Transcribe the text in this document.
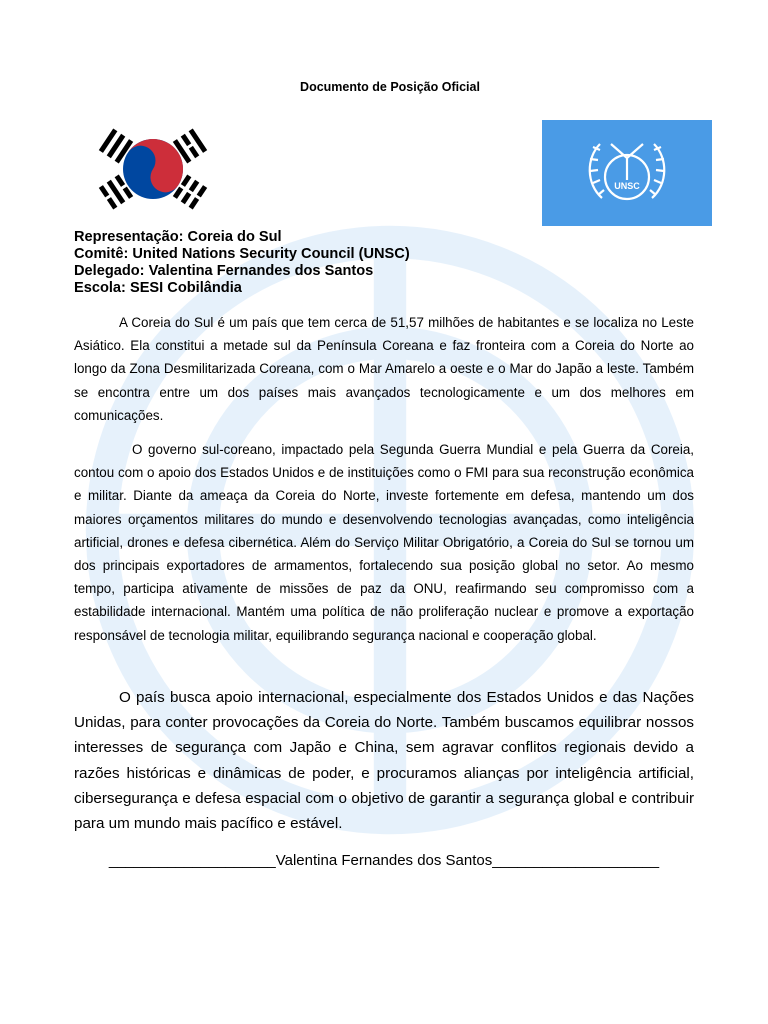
Documento de Posição Oficial
UNSC
Representação: Coreia do Sul
Comitê: United Nations Security Council (UNSC)
Delegado: Valentina Fernandes dos Santos
Escola: SESI Cobilândia

A Coreia do Sul é um país que tem cerca de 51,57 milhões de habitantes e se localiza no Leste Asiático. Ela constitui a metade sul da Península Coreana e faz fronteira com a Coreia do Norte ao longo da Zona Desmilitarizada Coreana, com o Mar Amarelo a oeste e o Mar do Japão a leste. Também se encontra entre um dos países mais avançados tecnologicamente e um dos melhores em comunicações.

O governo sul-coreano, impactado pela Segunda Guerra Mundial e pela Guerra da Coreia, contou com o apoio dos Estados Unidos e de instituições como o FMI para sua reconstrução econômica e militar. Diante da ameaça da Coreia do Norte, investe fortemente em defesa, mantendo um dos maiores orçamentos militares do mundo e desenvolvendo tecnologias avançadas, como inteligência artificial, drones e defesa cibernética. Além do Serviço Militar Obrigatório, a Coreia do Sul se tornou um dos principais exportadores de armamentos, fortalecendo sua posição global no setor. Ao mesmo tempo, participa ativamente de missões de paz da ONU, reafirmando seu compromisso com a estabilidade internacional. Mantém uma política de não proliferação nuclear e promove a exportação responsável de tecnologia militar, equilibrando segurança nacional e cooperação global.

O país busca apoio internacional, especialmente dos Estados Unidos e das Nações Unidas, para conter provocações da Coreia do Norte. Também buscamos equilibrar nossos interesses de segurança com Japão e China, sem agravar conflitos regionais devido a razões históricas e dinâmicas de poder, e procuramos alianças por inteligência artificial, cibersegurança e defesa espacial com o objetivo de garantir a segurança global e contribuir para um mundo mais pacífico e estável.

____________________Valentina Fernandes dos Santos____________________
